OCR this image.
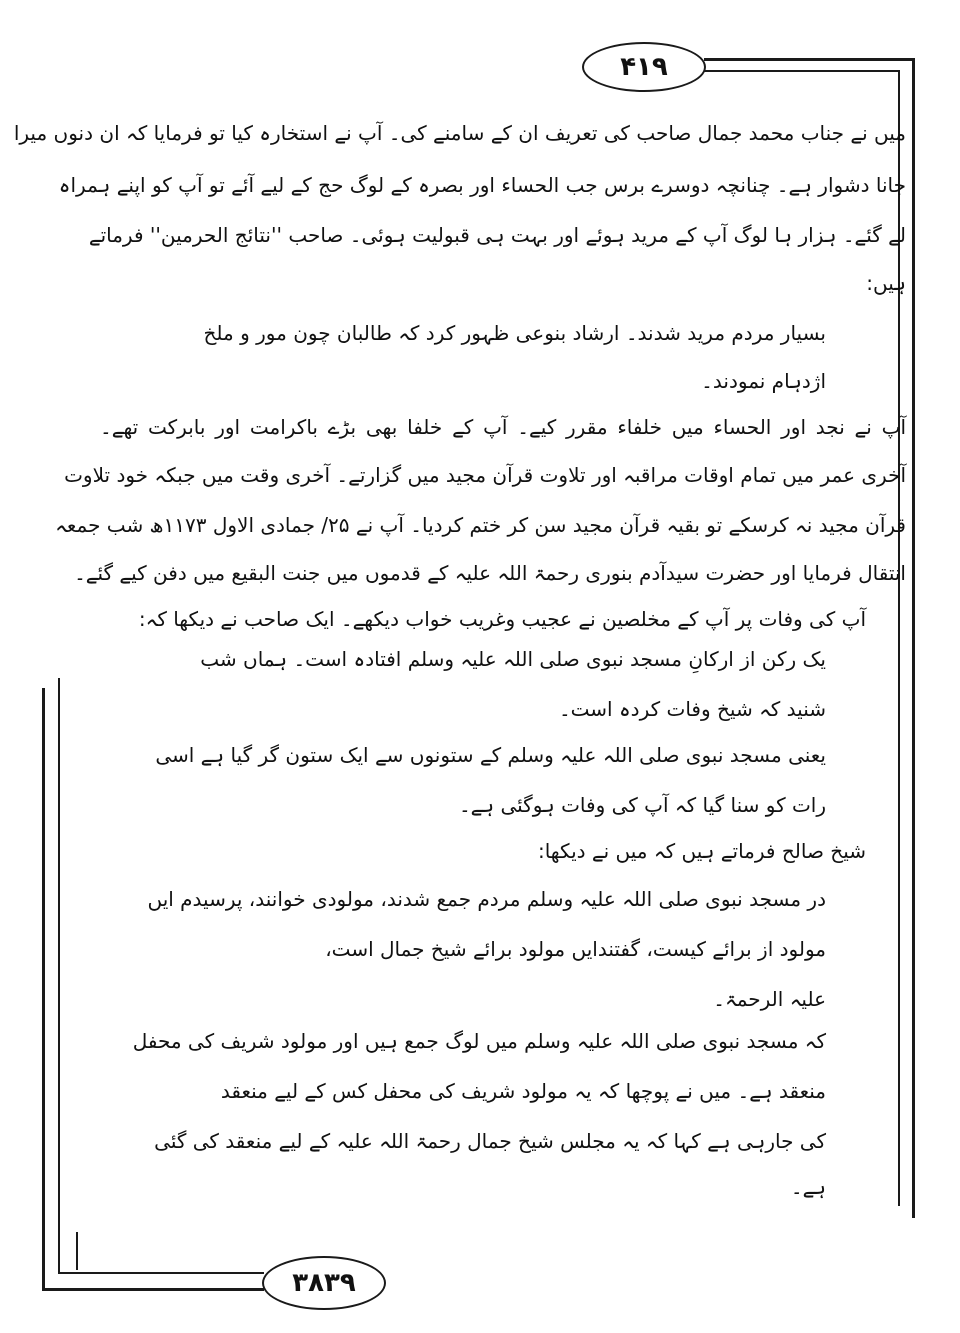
۴۱۹
۳۸۳۹
میں نے جناب محمد جمال صاحب کی تعریف ان کے سامنے کی۔ آپ نے استخارہ کیا تو فرمایا کہ ان دنوں میرا
جانا دشوار ہے۔ چنانچہ دوسرے برس جب الحساء اور بصرہ کے لوگ حج کے لیے آئے تو آپ کو اپنے ہمراہ
لے گئے۔ ہزار ہا لوگ آپ کے مرید ہوئے اور بہت ہی قبولیت ہوئی۔ صاحب ''نتائج الحرمین'' فرماتے
ہیں:
بسیار مردم مرید شدند۔ ارشاد بنوعی ظہور کرد کہ طالبان چون مور و ملخ
اژدہام نمودند۔
آپ نے نجد اور الحساء میں خلفاء مقرر کیے۔ آپ کے خلفا بھی بڑے باکرامت اور بابرکت تھے۔
آخری عمر میں تمام اوقات مراقبہ اور تلاوت قرآن مجید میں گزارتے۔ آخری وقت میں جبکہ خود تلاوت
قرآن مجید نہ کرسکے تو بقیہ قرآن مجید سن کر ختم کردیا۔ آپ نے ۲۵/ جمادی الاول ۱۱۷۳ھ شب جمعہ
انتقال فرمایا اور حضرت سیدآدم بنوری رحمۃ اللہ علیہ کے قدموں میں جنت البقیع میں دفن کیے گئے۔
آپ کی وفات پر آپ کے مخلصین نے عجیب وغریب خواب دیکھے۔ ایک صاحب نے دیکھا کہ:
یک رکن از ارکانِ مسجد نبوی صلی اللہ علیہ وسلم افتادہ است۔ ہماں شب
شنید کہ شیخ وفات کردہ است۔
یعنی مسجد نبوی صلی اللہ علیہ وسلم کے ستونوں سے ایک ستون گر گیا ہے اسی
رات کو سنا گیا کہ آپ کی وفات ہوگئی ہے۔
شیخ صالح فرماتے ہیں کہ میں نے دیکھا:
در مسجد نبوی صلی اللہ علیہ وسلم مردم جمع شدند، مولودی خوانند، پرسیدم ایں
مولود از برائے کیست، گفتندایں مولود برائے شیخ جمال است،
علیہ الرحمۃ۔
کہ مسجد نبوی صلی اللہ علیہ وسلم میں لوگ جمع ہیں اور مولود شریف کی محفل
منعقد ہے۔ میں نے پوچھا کہ یہ مولود شریف کی محفل کس کے لیے منعقد
کی جارہی ہے کہا کہ یہ مجلس شیخ جمال رحمۃ اللہ علیہ کے لیے منعقد کی گئی
ہے۔
